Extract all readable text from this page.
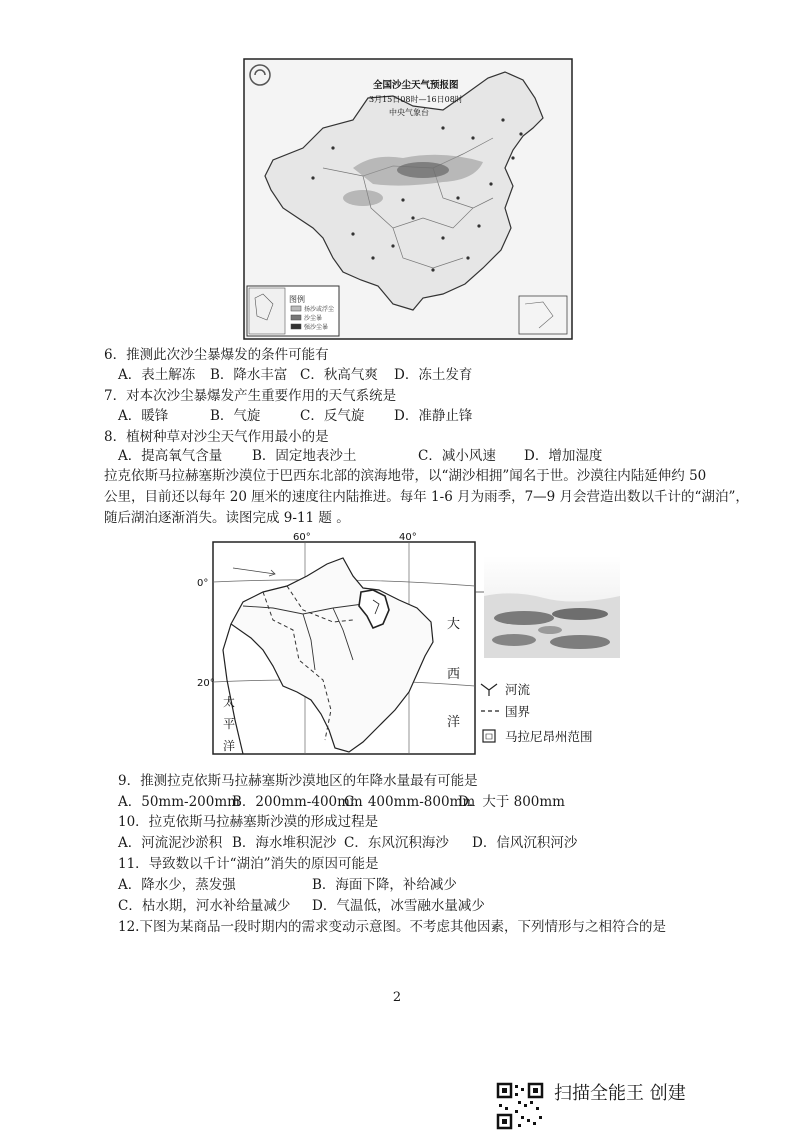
图例
扬沙或浮尘
沙尘暴
强沙尘暴
全国沙尘天气预报图
3月15日08时—16日08时
中央气象台
6．推测此次沙尘暴爆发的条件可能有
A．表土解冻 B．降水丰富 C．秋高气爽 D．冻土发育
7．对本次沙尘暴爆发产生重要作用的天气系统是
A．暖锋	B．气旋	C．反气旋 D．准静止锋
8．植树种草对沙尘天气作用最小的是
A．提高氧气含量 B．固定地表沙土	C．减小风速 D．增加湿度
拉克依斯马拉赫塞斯沙漠位于巴西东北部的滨海地带，以“湖沙相拥”闻名于世。沙漠往内陆延伸约 50
公里，目前还以每年 20 厘米的速度往内陆推进。每年 1-6 月为雨季，7—9 月会营造出数以千计的“湖泊”，
随后湖泊逐渐消失。读图完成 9-11 题 。
60°	40°
0°
20°
大
西
洋
太
平
洋
河流
国界
马拉尼昂州范围
9．推测拉克依斯马拉赫塞斯沙漠地区的年降水量最有可能是
A．50mm-200mm
B．200mm-400mm
C．400mm-800mm
D．大于 800mm
10．拉克依斯马拉赫塞斯沙漠的形成过程是
A．河流泥沙淤积 B．海水堆积泥沙 C．东风沉积海沙 D．信风沉积河沙
11．导致数以千计“湖泊”消失的原因可能是
A．降水少，蒸发强	B．海面下降，补给减少
C．枯水期，河水补给量减少 D．气温低，冰雪融水量减少
12.下图为某商品一段时期内的需求变动示意图。不考虑其他因素，下列情形与之相符合的是
2
扫描全能王 创建
